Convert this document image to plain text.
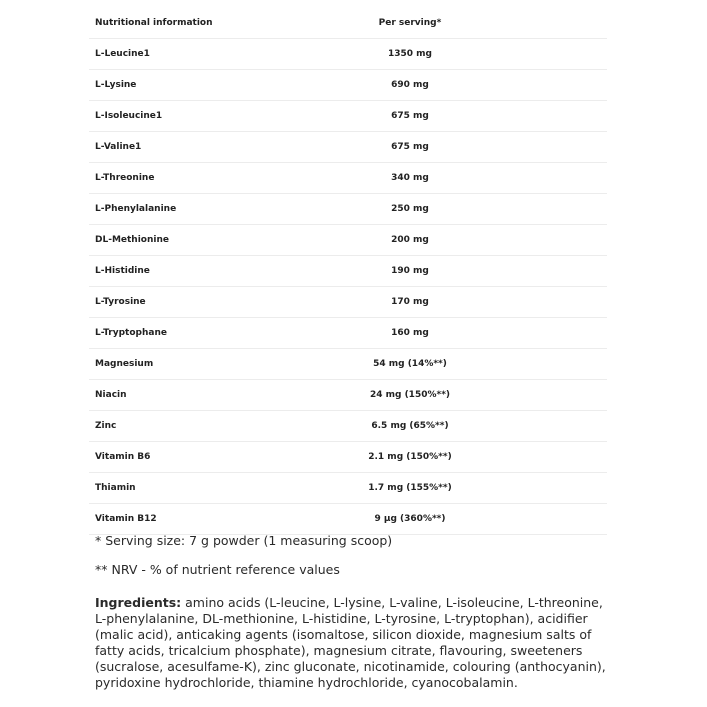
Nutritional information	Per serving*

L-Leucine1	1350 mg

L-Lysine	690 mg

L-Isoleucine1	675 mg

L-Valine1	675 mg

L-Threonine	340 mg

L-Phenylalanine	250 mg

DL-Methionine	200 mg

L-Histidine	190 mg

L-Tyrosine	170 mg

L-Tryptophane	160 mg

Magnesium	54 mg (14%**)

Niacin	24 mg (150%**)

Zinc	6.5 mg (65%**)

Vitamin B6	2.1 mg (150%**)

Thiamin	1.7 mg (155%**)

Vitamin B12	9 µg (360%**)

* Serving size: 7 g powder (1 measuring scoop)

** NRV - % of nutrient reference values

Ingredients: amino acids (L-leucine, L-lysine, L-valine, L-isoleucine, L-threonine, L-phenylalanine, DL-methionine, L-histidine, L-tyrosine, L-tryptophan), acidifier (malic acid), anticaking agents (isomaltose, silicon dioxide, magnesium salts of fatty acids, tricalcium phosphate), magnesium citrate, flavouring, sweeteners (sucralose, acesulfame-K), zinc gluconate, nicotinamide, colouring (anthocyanin), pyridoxine hydrochloride, thiamine hydrochloride, cyanocobalamin.
